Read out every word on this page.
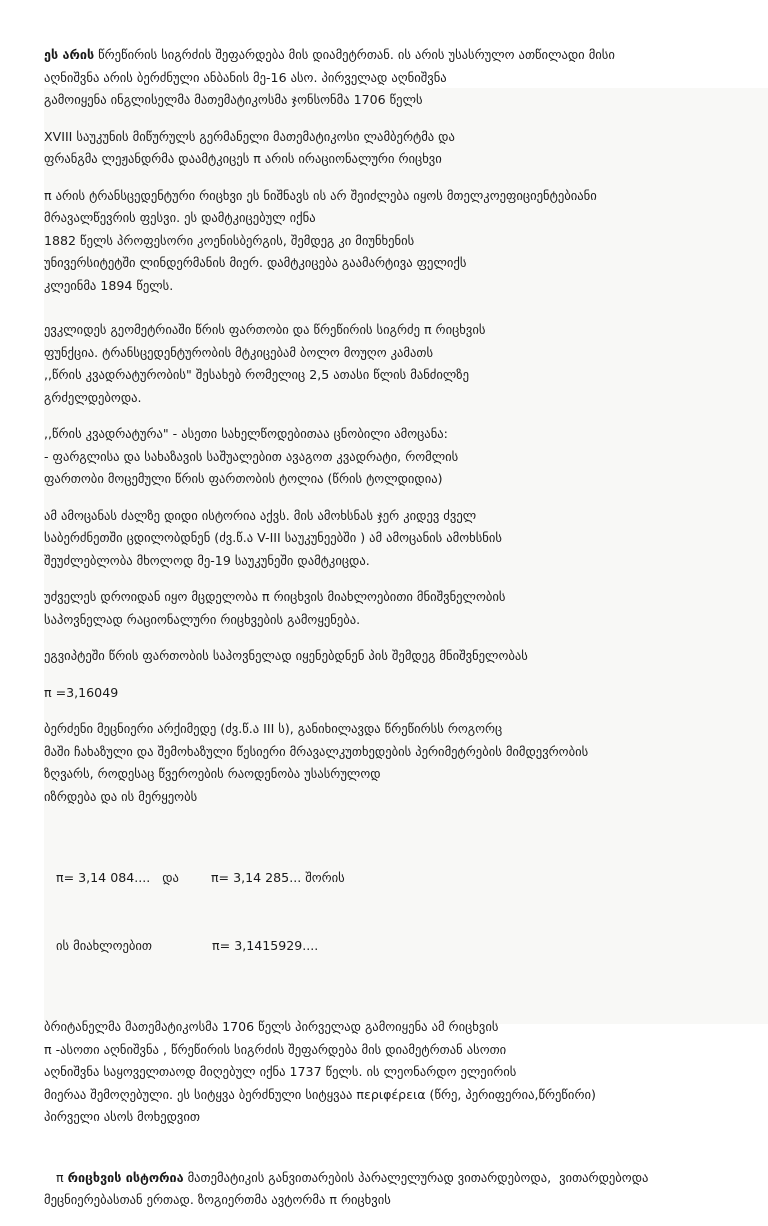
ეს არის წრეწირის სიგრძის შეფარდება მის დიამეტრთან. ის არის უსასრულო ათწილადი მისი
აღნიშვნა არის ბერძნული ანბანის მე-16 ასო. პირველად აღნიშვნა
გამოიყენა ინგლისელმა მათემატიკოსმა ჯონსონმა 1706 წელს
XVIII საუკუნის მიწურულს გერმანელი მათემატიკოსი ლამბერტმა და
ფრანგმა ლეჟანდრმა დაამტკიცეს π არის ირაციონალური რიცხვი
π არის ტრანსცედენტური რიცხვი ეს ნიშნავს ის არ შეიძლება იყოს მთელკოეფიციენტებიანი
მრავალწევრის ფესვი. ეს დამტკიცებულ იქნა
1882 წელს პროფესორი კოენისბერგის, შემდეგ კი მიუნხენის
უნივერსიტეტში ლინდერმანის მიერ. დამტკიცება გაამარტივა ფელიქს
კლეინმა 1894 წელს.
ევკლიდეს გეომეტრიაში წრის ფართობი და წრეწირის სიგრძე π რიცხვის
ფუნქცია. ტრანსცედენტურობის მტკიცებამ ბოლო მოუღო კამათს
,,წრის კვადრატურობის" შესახებ რომელიც 2,5 ათასი წლის მანძილზე
გრძელდებოდა.
,,წრის კვადრატურა" - ასეთი სახელწოდებითაა ცნობილი ამოცანა:
- ფარგლისა და სახაზავის საშუალებით ავაგოთ კვადრატი, რომლის
ფართობი მოცემული წრის ფართობის ტოლია (წრის ტოლდიდია)
ამ ამოცანას ძალზე დიდი ისტორია აქვს. მის ამოხსნას ჯერ კიდევ ძველ
საბერძნეთში ცდილობდნენ (ძვ.წ.ა V-III საუკუნეებში ) ამ ამოცანის ამოხსნის
შეუძლებლობა მხოლოდ მე-19 საუკუნეში დამტკიცდა.
უძველეს დროიდან იყო მცდელობა π რიცხვის მიახლოებითი მნიშვნელობის
საპოვნელად რაციონალური რიცხვების გამოყენება.
ეგვიპტეში წრის ფართობის საპოვნელად იყენებდნენ პის შემდეგ მნიშვნელობას
π =3,16049
ბერძენი მეცნიერი არქიმედე (ძვ.წ.ა III ს), განიხილავდა წრეწირსს როგორც
მაში ჩახაზული და შემოხაზული წესიერი მრავალკუთხედების პერიმეტრების მიმდევრობის
ზღვარს, როდესაც წვეროების რაოდენობა უსასრულოდ
იზრდება და ის მერყეობს

π= 3,14 084....   და        π= 3,14 285... შორის

ის მიახლოებით               π= 3,1415929....

ბრიტანელმა მათემატიკოსმა 1706 წელს პირველად გამოიყენა ამ რიცხვის
π -ასოთი აღნიშვნა , წრეწირის სიგრძის შეფარდება მის დიამეტრთან ასოთი
აღნიშვნა საყოველთაოდ მიღებულ იქნა 1737 წელს. ის ლეონარდო ელეირის
მიერაა შემოღებული. ეს სიტყვა ბერძნული სიტყვაა περιφέρεια (წრე, პერიფერია,წრეწირი)
პირველი ასოს მოხედვით
π რიცხვის ისტორია მათემატიკის განვითარების პარალელურად ვითარდებოდა,  ვითარდებოდა
მეცნიერებასთან ერთად. ზოგიერთმა ავტორმა π რიცხვის
